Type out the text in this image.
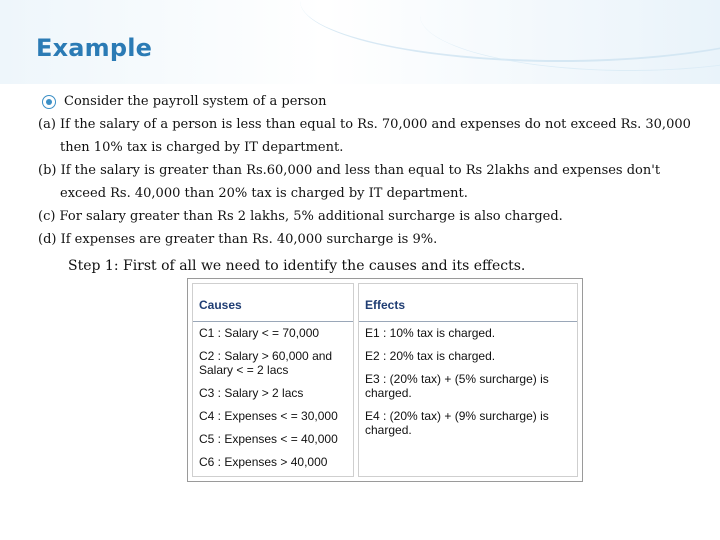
Example
Consider the payroll system of a person
(a) If the salary of a person is less than equal to Rs. 70,000 and expenses do not exceed Rs. 30,000 then 10% tax is charged by IT department.
(b) If the salary is greater than Rs.60,000 and less than equal to Rs 2lakhs and expenses don't exceed Rs. 40,000 than 20% tax is charged by IT department.
(c) For salary greater than Rs 2 lakhs, 5% additional surcharge is also charged.
(d) If expenses are greater than Rs. 40,000 surcharge is 9%.
Step 1: First of all we need to identify the causes and its effects.
Causes
C1 : Salary < = 70,000
C2 : Salary > 60,000 and Salary < = 2 lacs
C3 : Salary > 2 lacs
C4 : Expenses < = 30,000
C5 : Expenses < = 40,000
C6 : Expenses > 40,000
Effects
E1 : 10% tax is charged.
E2 : 20% tax is charged.
E3 : (20% tax) + (5% surcharge) is charged.
E4 : (20% tax) + (9% surcharge) is charged.
